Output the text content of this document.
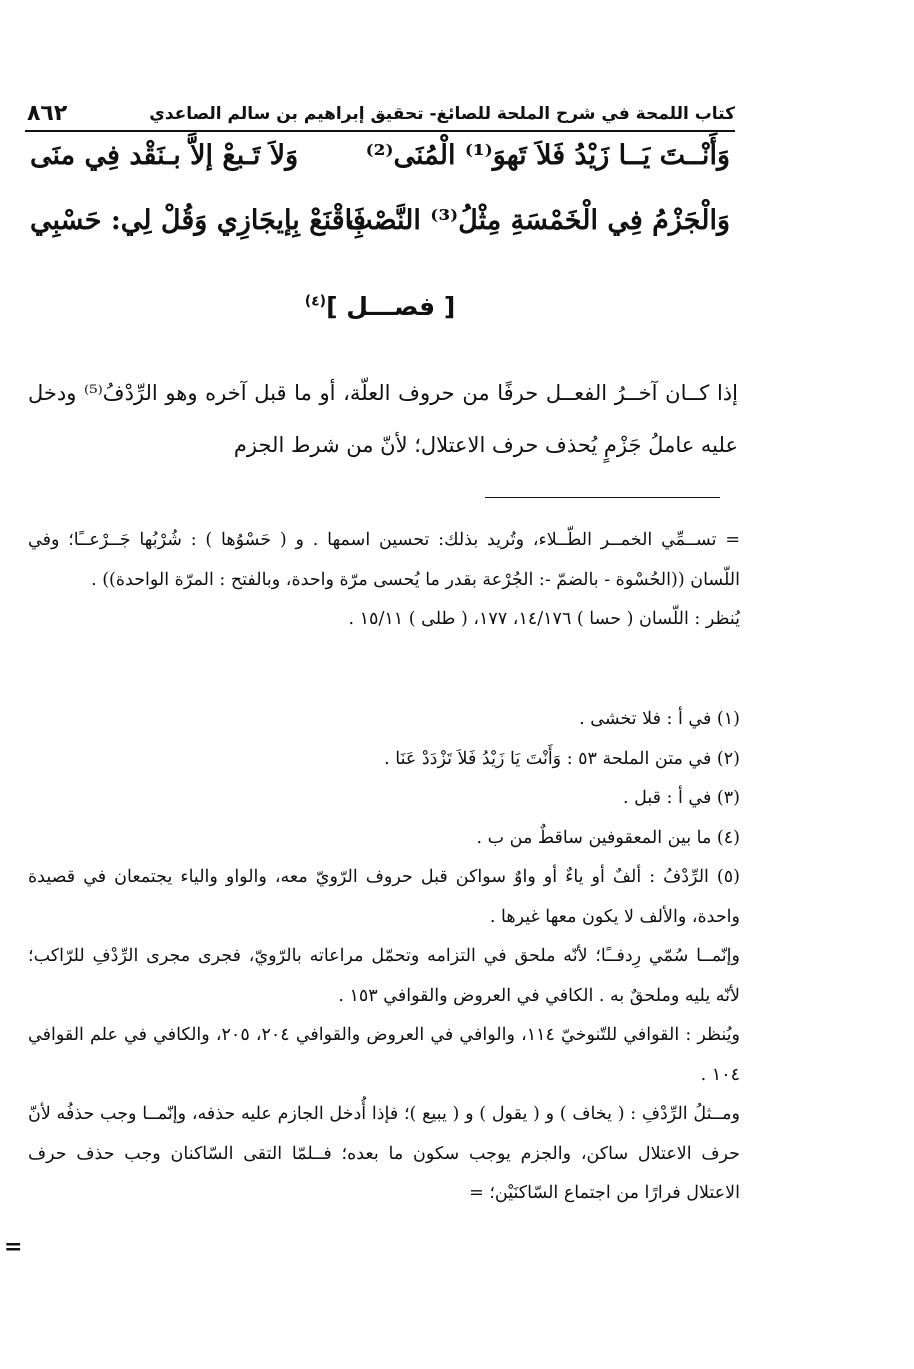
كتاب اللمحة في شرح الملحة للصائغ- تحقيق إبراهيم بن سالم الصاعدي
٨٦٢
وَأَنْــتَ يَــا زَيْدُ فَلاَ تَهوَ⁽¹⁾ الْمُنَى⁽²⁾
وَلاَ تَـبعْ إلاَّ بـنَقْد فِي منَى
وَالْجَزْمُ فِي الْخَمْسَةِ مِثْلُ⁽³⁾ النَّصْبِ
فَاقْنَعْ بِإيجَازِي وَقُلْ لِي: حَسْبِي
[ فصـــل ]$^{(٤)}$
إذا كــان آخــرُ الفعــل حرفًا من حروف العلّة، أو ما قبل آخره وهو الرِّدْفُ⁽⁵⁾ ودخل عليه عاملُ جَزْمٍ يُحذف حرف الاعتلال؛ لأنّ من شرط الجزم

= تســمِّي الخمــر الطّــلاء، وتُريد بذلك: تحسين اسمها . و ( حَسْوُها ) : شُرْبُها جَــرْعــًا؛ وفي اللّسان ((الحُسْوة - بالضمّ -: الجُرْعة بقدر ما يُحسى مرّة واحدة، وبالفتح : المرّة الواحدة)) .

يُنظر : اللّسان ( حسا ) ١٤/١٧٦، ١٧٧، ( طلى ) ١٥/١١ .

(١) في أ : فلا تخشى .

(٢) في متن الملحة ٥٣ : وَأَنْتَ يَا زَيْدُ فَلاَ تَزْدَدْ عَنَا .

(٣) في أ : قبل .

(٤) ما بين المعقوفين ساقطٌ من ب .

(٥) الرِّدْفُ : ألفٌ أو ياءٌ أو واوٌ سواكن قبل حروف الرّويّ معه، والواو والياء يجتمعان في قصيدة واحدة، والألف لا يكون معها غيرها .

وإنّمــا سُمّي رِدفــًا؛ لأنّه ملحق في التزامه وتحمّل مراعاته بالرّويّ، فجرى مجرى الرِّدْفِ للرّاكب؛ لأنّه يليه وملحقٌ به . الكافي في العروض والقوافي ١٥٣ .

ويُنظر : القوافي للتّنوخيّ ١١٤، والوافي في العروض والقوافي ٢٠٤، ٢٠٥، والكافي في علم القوافي ١٠٤ .

ومــثلُ الرِّدْفِ : ( يخاف ) و ( يقول ) و ( يبيع )؛ فإذا أُدخل الجازم عليه حذفه، وإنّمــا وجب حذفُه لأنّ حرف الاعتلال ساكن، والجزم يوجب سكون ما بعده؛ فــلمّا التقى السّاكنان وجب حذف حرف الاعتلال فرارًا من اجتماع السّاكنَيْن؛ =

=
